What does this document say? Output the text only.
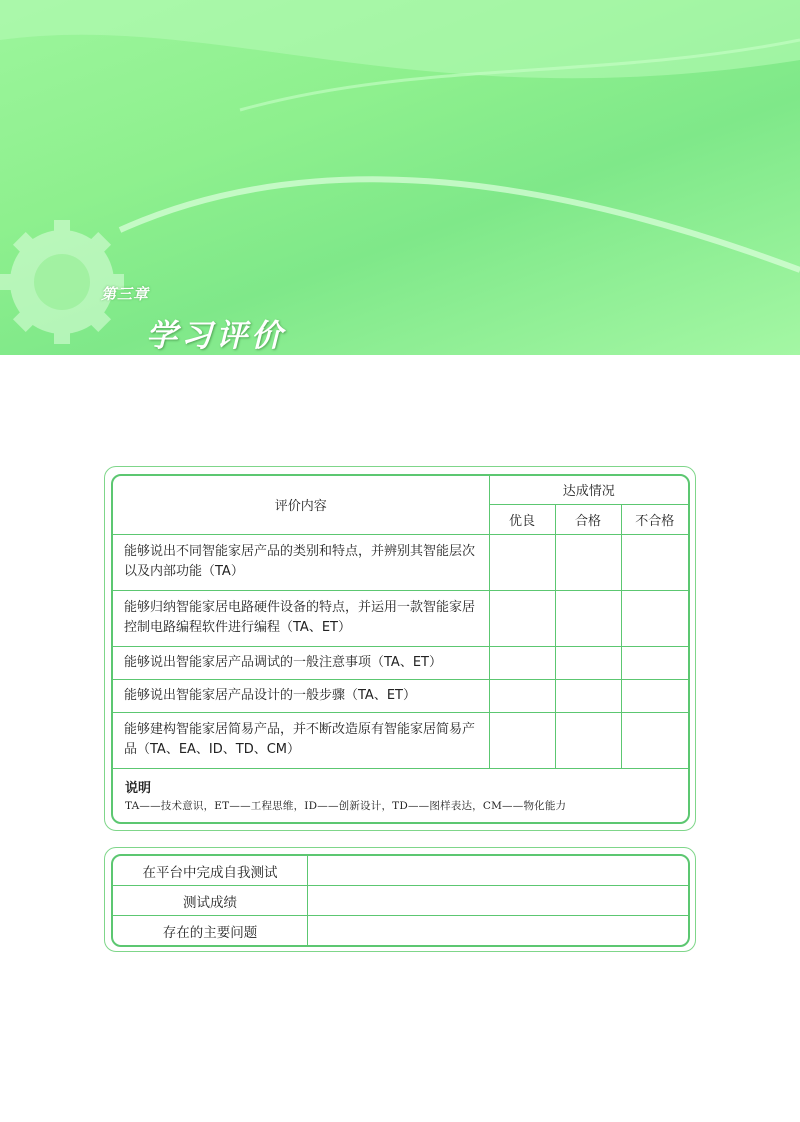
第三章
学习评价
评价内容	达成情况		
	优良	合格	不合格
能够说出不同智能家居产品的类别和特点，并辨别其智能层次以及内部功能（TA）			
能够归纳智能家居电路硬件设备的特点，并运用一款智能家居控制电路编程软件进行编程（TA、ET）			
能够说出智能家居产品调试的一般注意事项（TA、ET）			
能够说出智能家居产品设计的一般步骤（TA、ET）			
能够建构智能家居简易产品，并不断改造原有智能家居简易产品（TA、EA、ID、TD、CM）			

说明
TA——技术意识，ET——工程思维，ID——创新设计，TD——图样表达，CM——物化能力			
在平台中完成自我测试	
测试成绩	
存在的主要问题	
